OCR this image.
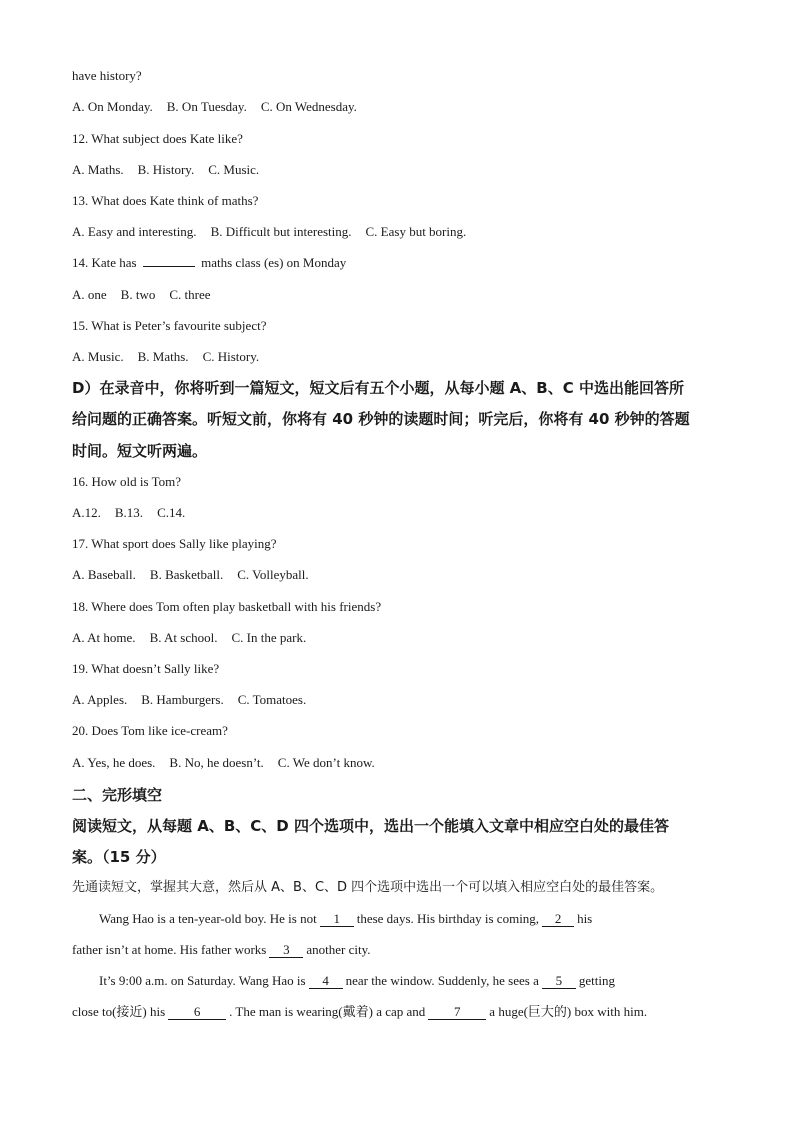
have history?
A. On Monday. B. On Tuesday. C. On Wednesday.
12. What subject does Kate like?
A. Maths. B. History. C. Music.
13. What does Kate think of maths?
A. Easy and interesting. B. Difficult but interesting. C. Easy but boring.
14. Kate has	maths class (es) on Monday
A. one B. two C. three
15. What is Peter’s favourite subject?
A. Music. B. Maths. C. History.
D）在录音中，你将听到一篇短文，短文后有五个小题，从每小题 A、B、C 中选出能回答所
给问题的正确答案。听短文前，你将有 40 秒钟的读题时间；听完后，你将有 40 秒钟的答题
时间。短文听两遍。
16. How old is Tom?
A.12. B.13. C.14.
17. What sport does Sally like playing?
A. Baseball. B. Basketball. C. Volleyball.
18. Where does Tom often play basketball with his friends?
A. At home. B. At school. C. In the park.
19. What doesn’t Sally like?
A. Apples. B. Hamburgers. C. Tomatoes.
20. Does Tom like ice-cream?
A. Yes, he does. B. No, he doesn’t. C. We don’t know.
二、完形填空
阅读短文，从每题 A、B、C、D 四个选项中，选出一个能填入文章中相应空白处的最佳答
案。（15 分）
先通读短文，掌握其大意，然后从 A、B、C、D 四个选项中选出一个可以填入相应空白处的最佳答案。
Wang Hao is a ten-year-old boy. He is not 1 these days. His birthday is coming, 2 his
father isn’t at home. His father works 3 another city.
It’s 9:00 a.m. on Saturday. Wang Hao is 4 near the window. Suddenly, he sees a 5 getting
close to(接近) his 6 . The man is wearing(戴着) a cap and 7 a huge(巨大的) box with him.
